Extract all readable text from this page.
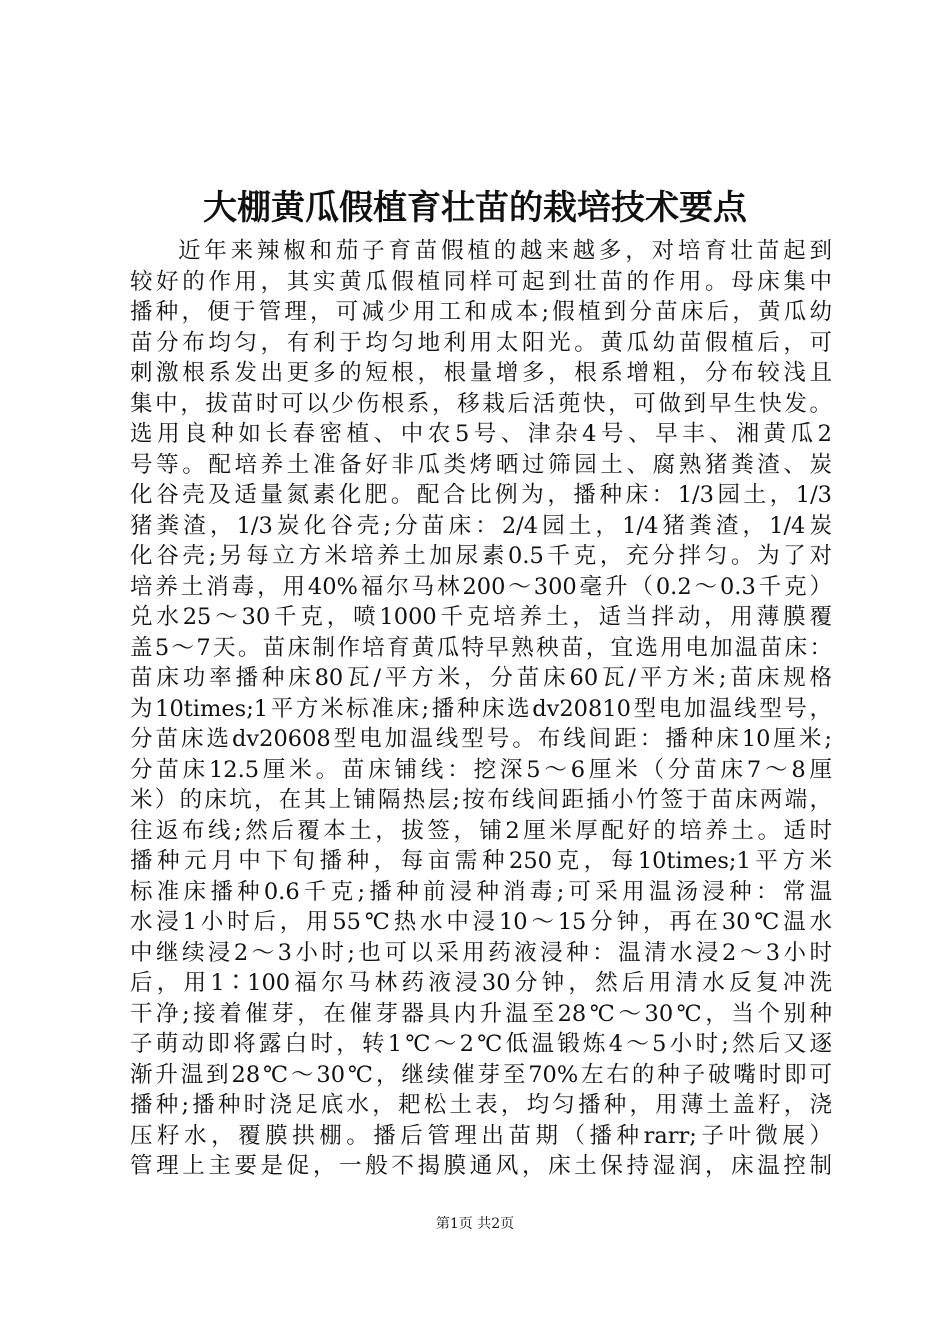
大棚黄瓜假植育壮苗的栽培技术要点
近年来辣椒和茄子育苗假植的越来越多，对培育壮苗起到
较好的作用，其实黄瓜假植同样可起到壮苗的作用。母床集中
播种，便于管理，可减少用工和成本;假植到分苗床后，黄瓜幼
苗分布均匀，有利于均匀地利用太阳光。黄瓜幼苗假植后，可
刺激根系发出更多的短根，根量增多，根系增粗，分布较浅且
集中，拔苗时可以少伤根系，移栽后活蔸快，可做到早生快发。
选用良种如长春密植、中农5号、津杂4号、早丰、湘黄瓜2
号等。配培养土准备好非瓜类烤晒过筛园土、腐熟猪粪渣、炭
化谷壳及适量氮素化肥。配合比例为，播种床：1/3园土，1/3
猪粪渣，1/3炭化谷壳;分苗床：2/4园土，1/4猪粪渣，1/4炭
化谷壳;另每立方米培养土加尿素0.5千克，充分拌匀。为了对
培养土消毒，用40%福尔马林200～300毫升（0.2～0.3千克）
兑水25～30千克，喷1000千克培养土，适当拌动，用薄膜覆
盖5～7天。苗床制作培育黄瓜特早熟秧苗，宜选用电加温苗床：
苗床功率播种床80瓦/平方米，分苗床60瓦/平方米;苗床规格
为10times;1平方米标准床;播种床选dv20810型电加温线型号，
分苗床选dv20608型电加温线型号。布线间距：播种床10厘米;
分苗床12.5厘米。苗床铺线：挖深5～6厘米（分苗床7～8厘
米）的床坑，在其上铺隔热层;按布线间距插小竹签于苗床两端，
往返布线;然后覆本土，拔签，铺2厘米厚配好的培养土。适时
播种元月中下旬播种，每亩需种250克，每10times;1平方米
标准床播种0.6千克;播种前浸种消毒;可采用温汤浸种：常温
水浸1小时后，用55℃热水中浸10～15分钟，再在30℃温水
中继续浸2～3小时;也可以采用药液浸种：温清水浸2～3小时
后，用1∶100福尔马林药液浸30分钟，然后用清水反复冲洗
干净;接着催芽，在催芽器具内升温至28℃～30℃，当个别种
子萌动即将露白时，转1℃～2℃低温锻炼4～5小时;然后又逐
渐升温到28℃～30℃，继续催芽至70%左右的种子破嘴时即可
播种;播种时浇足底水，耙松土表，均匀播种，用薄土盖籽，浇
压籽水，覆膜拱棚。播后管理出苗期（播种rarr;子叶微展）
管理上主要是促，一般不揭膜通风，床土保持湿润，床温控制
第1页 共2页
